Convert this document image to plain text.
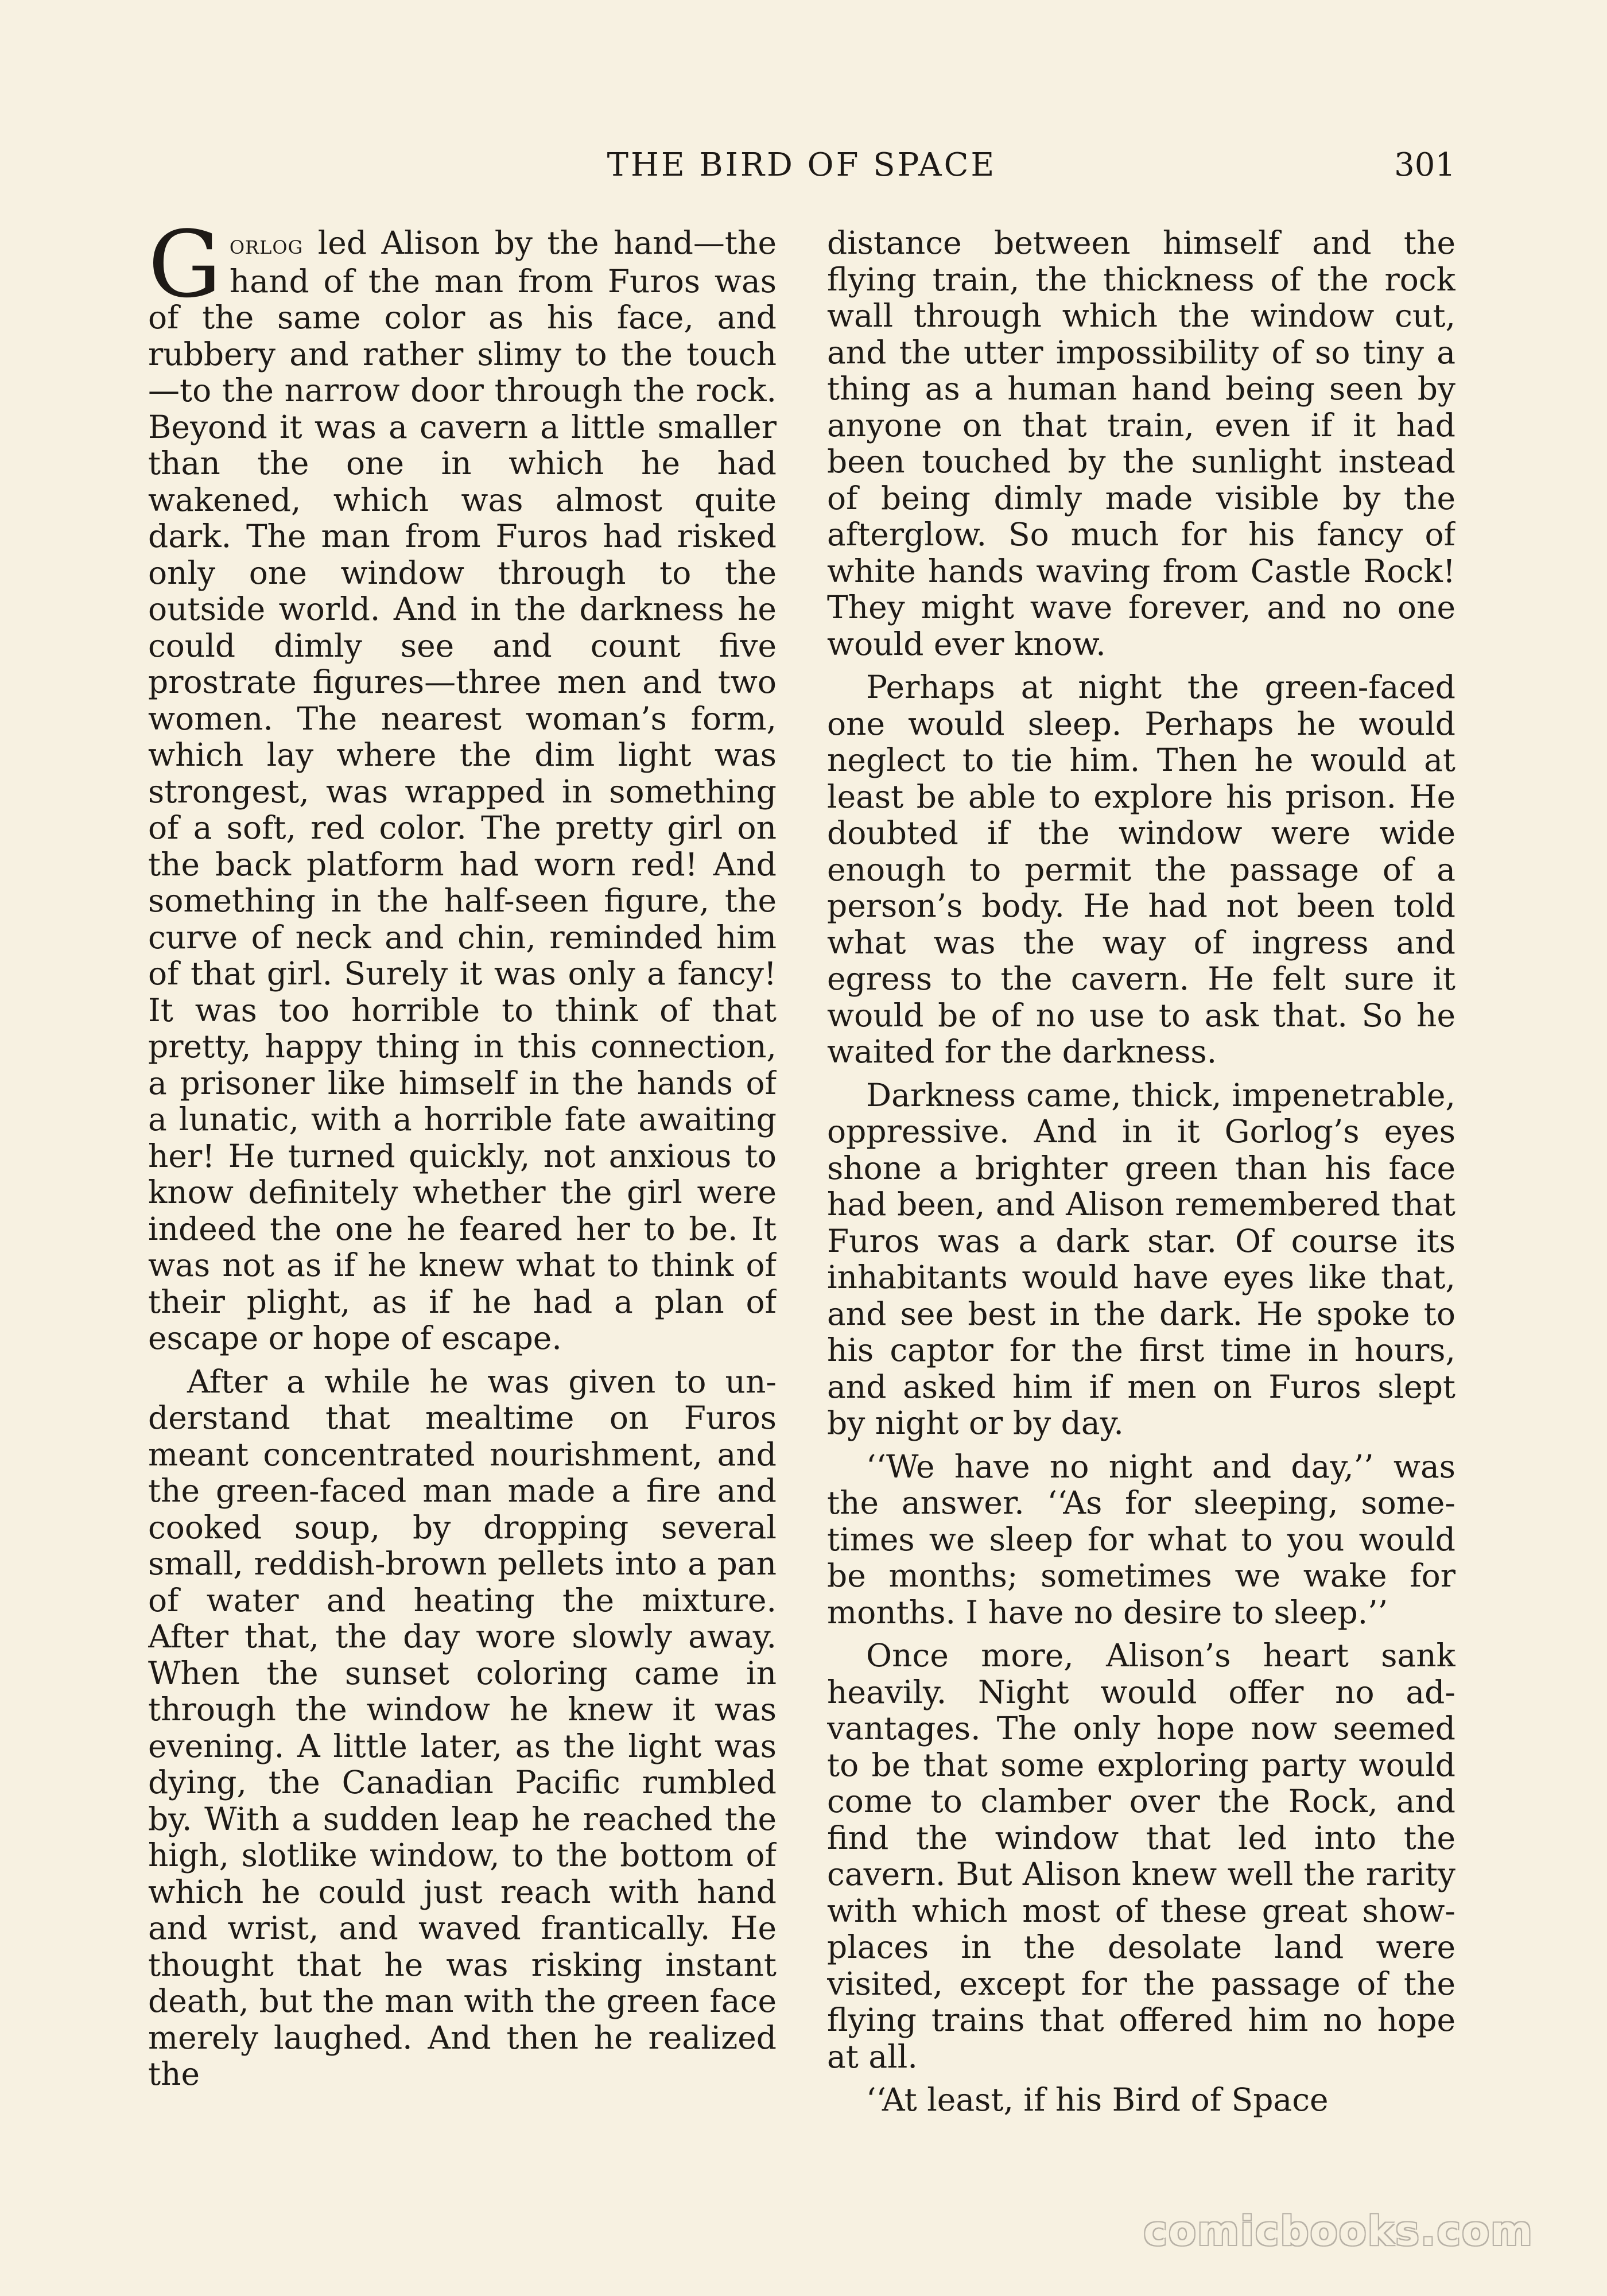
THE BIRD OF SPACE	301

Gorlog led Alison by the hand—the hand of the man from Furos was of the same color as his face, and rubbery and rather slimy to the touch—to the narrow door through the rock. Beyond it was a cavern a little smaller than the one in which he had wakened, which was almost quite dark. The man from Furos had risked only one window through to the outside world. And in the darkness he could dimly see and count five prostrate figures—three men and two women. The nearest woman’s form, which lay where the dim light was strongest, was wrapped in something of a soft, red color. The pretty girl on the back platform had worn red! And something in the half-seen figure, the curve of neck and chin, reminded him of that girl. Surely it was only a fancy! It was too horrible to think of that pretty, happy thing in this connection, a prisoner like himself in the hands of a lunatic, with a horrible fate awaiting her! He turned quickly, not anxious to know definitely whether the girl were indeed the one he feared her to be. It was not as if he knew what to think of their plight, as if he had a plan of escape or hope of escape.

After a while he was given to understand that mealtime on Furos meant concentrated nourishment, and the green-faced man made a fire and cooked soup, by dropping several small, reddish-brown pellets into a pan of water and heating the mixture. After that, the day wore slowly away. When the sunset coloring came in through the window he knew it was evening. A little later, as the light was dying, the Canadian Pacific rumbled by. With a sudden leap he reached the high, slotlike window, to the bottom of which he could just reach with hand and wrist, and waved frantically. He thought that he was risking instant death, but the man with the green face merely laughed. And then he realized the

distance between himself and the flying train, the thickness of the rock wall through which the window cut, and the utter impossibility of so tiny a thing as a human hand being seen by anyone on that train, even if it had been touched by the sunlight instead of being dimly made visible by the afterglow. So much for his fancy of white hands waving from Castle Rock! They might wave forever, and no one would ever know.

Perhaps at night the green-faced one would sleep. Perhaps he would neglect to tie him. Then he would at least be able to explore his prison. He doubted if the window were wide enough to permit the passage of a person’s body. He had not been told what was the way of ingress and egress to the cavern. He felt sure it would be of no use to ask that. So he waited for the darkness.

Darkness came, thick, impenetrable, oppressive. And in it Gorlog’s eyes shone a brighter green than his face had been, and Alison remembered that Furos was a dark star. Of course its inhabitants would have eyes like that, and see best in the dark. He spoke to his captor for the first time in hours, and asked him if men on Furos slept by night or by day.

‘‘We have no night and day,’’ was the answer. ‘‘As for sleeping, sometimes we sleep for what to you would be months; sometimes we wake for months. I have no desire to sleep.’’

Once more, Alison’s heart sank heavily. Night would offer no advantages. The only hope now seemed to be that some exploring party would come to clamber over the Rock, and find the window that led into the cavern. But Alison knew well the rarity with which most of these great show-places in the desolate land were visited, except for the passage of the flying trains that offered him no hope at all.

‘‘At least, if his Bird of Space

comicbooks.com
